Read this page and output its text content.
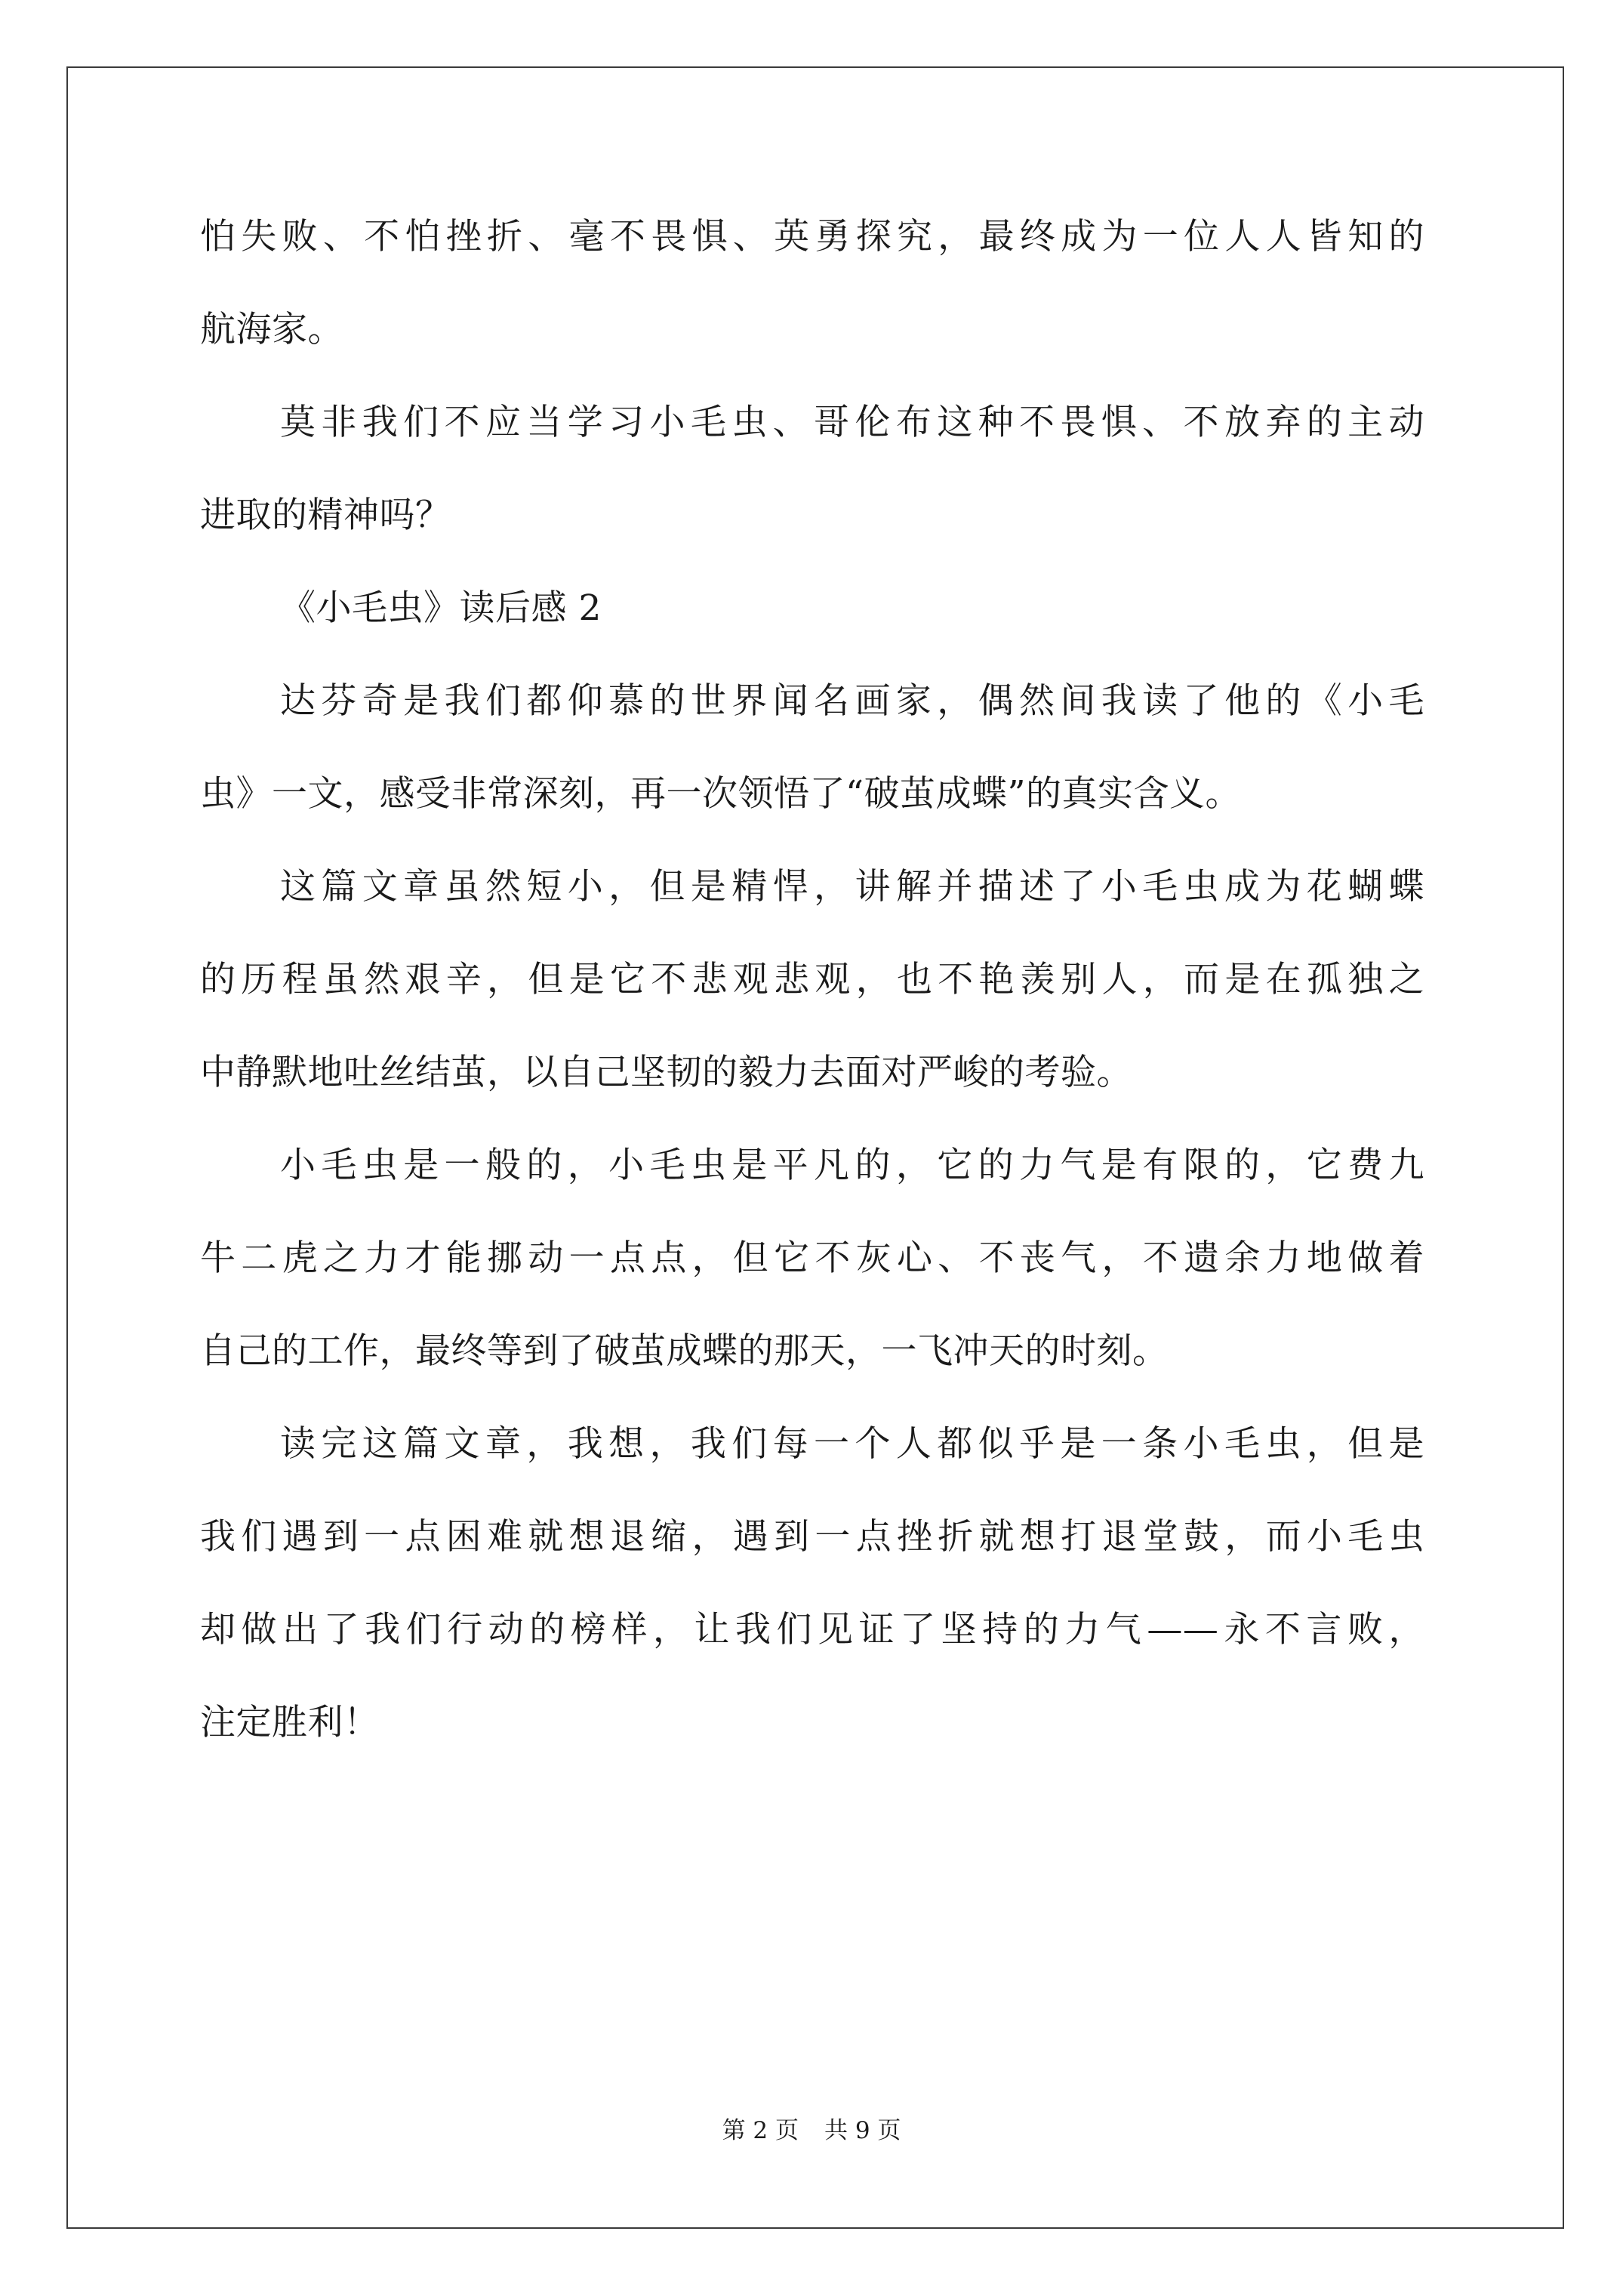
怕失败、不怕挫折、毫不畏惧、英勇探究，最终成为一位人人皆知的
航海家。
莫非我们不应当学习小毛虫、哥伦布这种不畏惧、不放弃的主动
进取的精神吗？
《小毛虫》读后感 2
达芬奇是我们都仰慕的世界闻名画家，偶然间我读了他的《小毛
虫》一文，感受非常深刻，再一次领悟了“破茧成蝶”的真实含义。
这篇文章虽然短小，但是精悍，讲解并描述了小毛虫成为花蝴蝶
的历程虽然艰辛，但是它不悲观悲观，也不艳羡别人，而是在孤独之
中静默地吐丝结茧，以自己坚韧的毅力去面对严峻的考验。
小毛虫是一般的，小毛虫是平凡的，它的力气是有限的，它费九
牛二虎之力才能挪动一点点，但它不灰心、不丧气，不遗余力地做着
自己的工作，最终等到了破茧成蝶的那天，一飞冲天的时刻。
读完这篇文章，我想，我们每一个人都似乎是一条小毛虫，但是
我们遇到一点困难就想退缩，遇到一点挫折就想打退堂鼓，而小毛虫
却做出了我们行动的榜样，让我们见证了坚持的力气——永不言败，
注定胜利！
第 2 页 共 9 页
